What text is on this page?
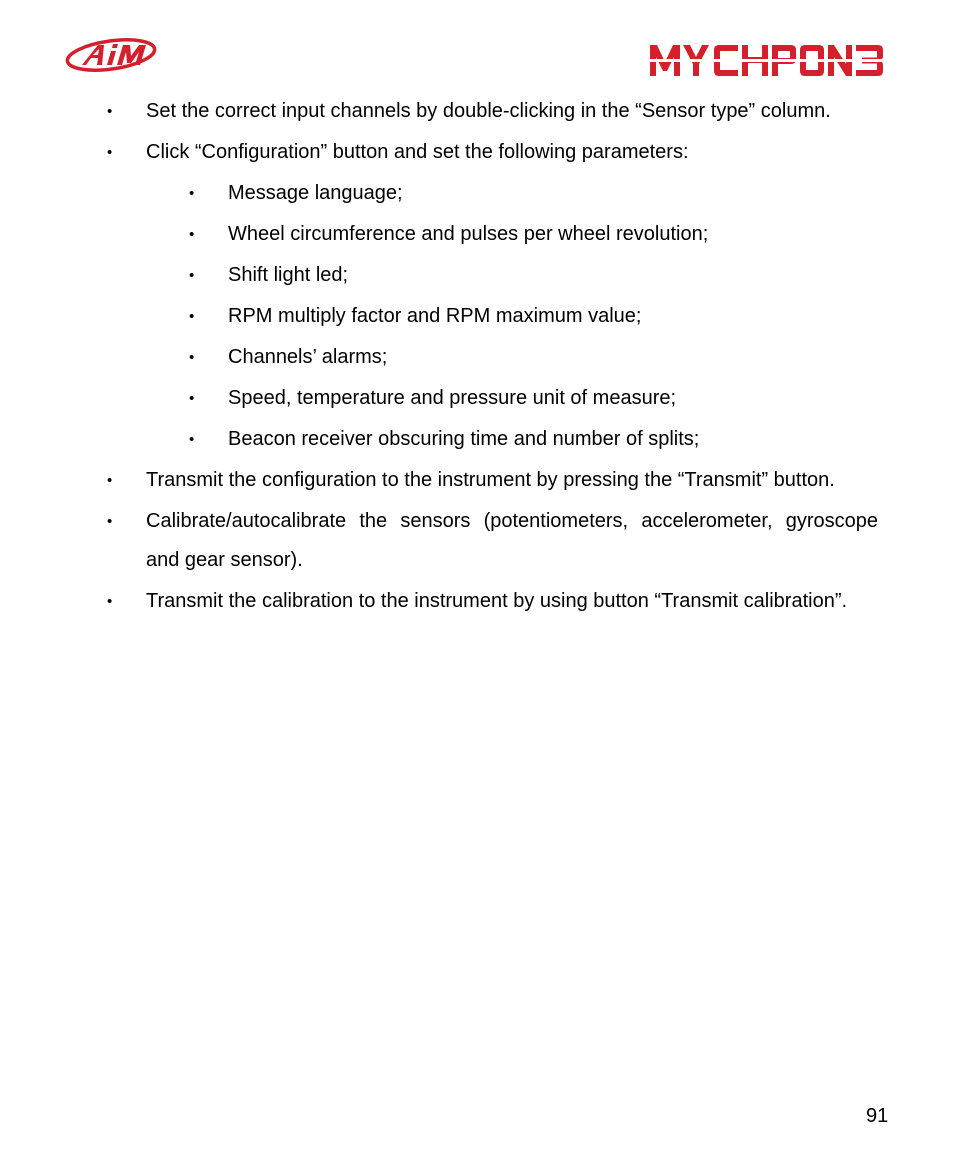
• Set the correct input channels by double-clicking in the “Sensor type” column.
• Click “Configuration” button and set the following parameters:
• Message language;
• Wheel circumference and pulses per wheel revolution;
• Shift light led;
• RPM multiply factor and RPM maximum value;
• Channels’ alarms;
• Speed, temperature and pressure unit of measure;
• Beacon receiver obscuring time and number of splits;
• Transmit the configuration to the instrument by pressing the “Transmit” button.
• Calibrate/autocalibrate the sensors (potentiometers, accelerometer, gyroscope and gear sensor).
• Transmit the calibration to the instrument by using button “Transmit calibration”.
91
